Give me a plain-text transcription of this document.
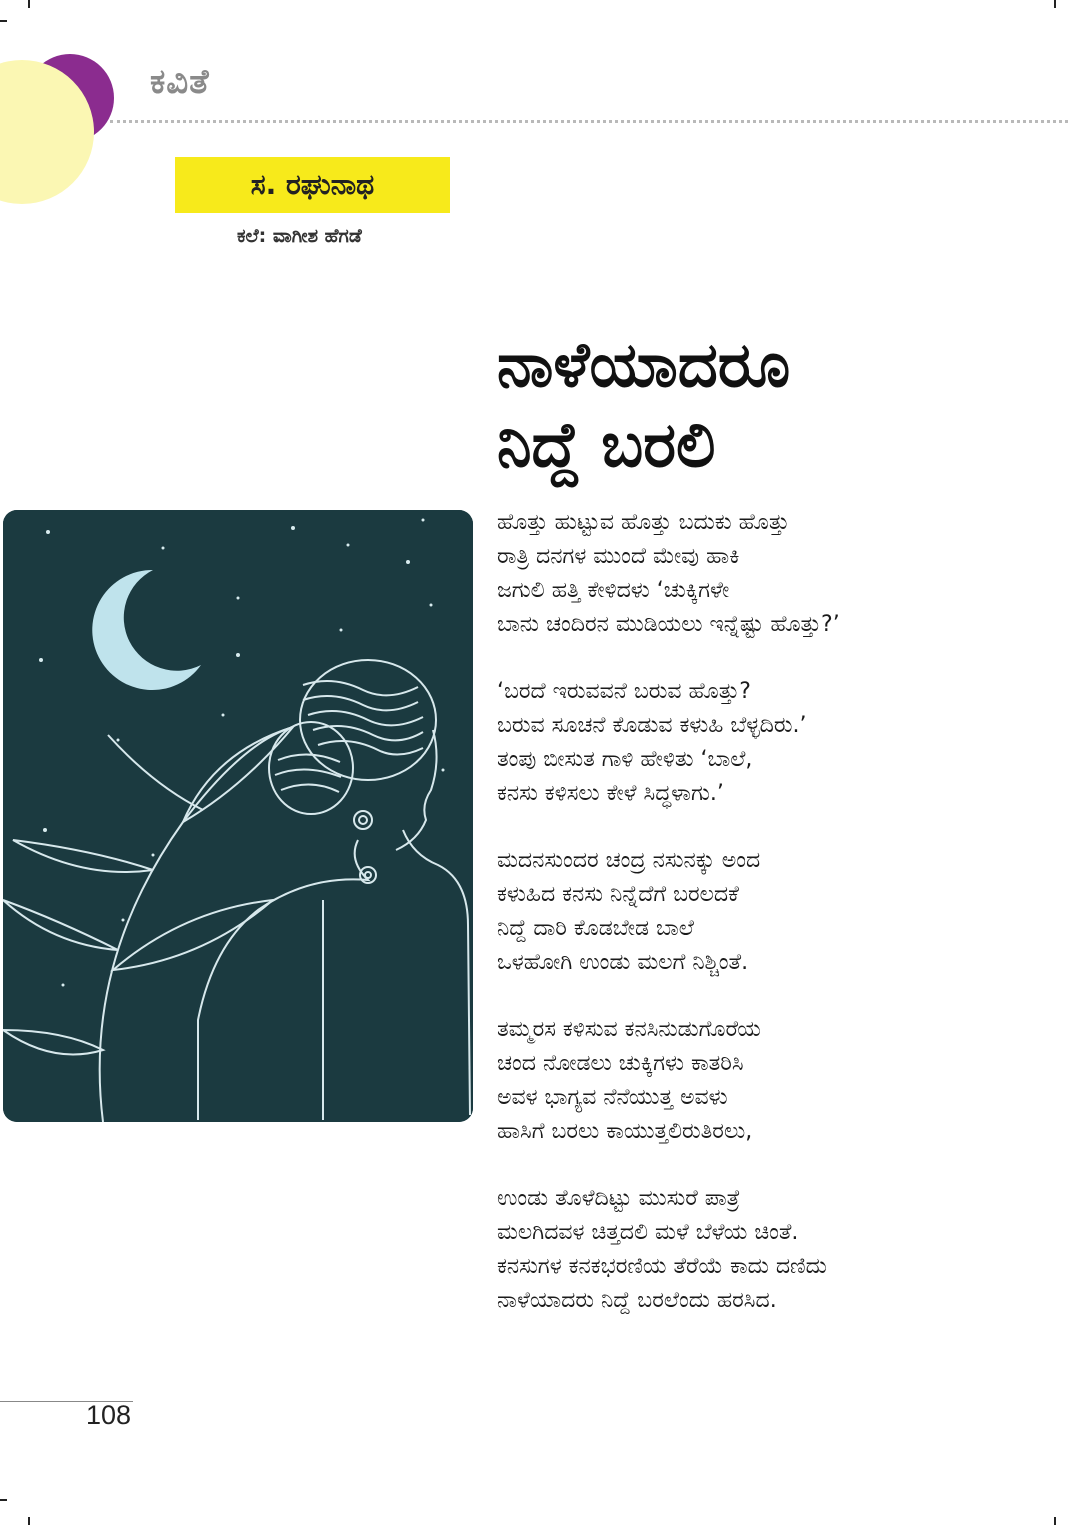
ಕವಿತೆ
ಸ. ರಘುನಾಥ
ಕಲೆ: ವಾಗೀಶ ಹೆಗಡೆ
ನಾಳೆಯಾದರೂ
ನಿದ್ದೆ ಬರಲಿ
ಹೊತ್ತು ಹುಟ್ಟುವ ಹೊತ್ತು ಬದುಕು ಹೊತ್ತು
ರಾತ್ರಿ ದನಗಳ ಮುಂದೆ ಮೇವು ಹಾಕಿ
ಜಗುಲಿ ಹತ್ತಿ ಕೇಳಿದಳು ‘ಚುಕ್ಕಿಗಳೇ
ಬಾನು ಚಂದಿರನ ಮುಡಿಯಲು ಇನ್ನೆಷ್ಟು ಹೊತ್ತು?’
‘ಬರದೆ ಇರುವವನೆ ಬರುವ ಹೊತ್ತು?
ಬರುವ ಸೂಚನೆ ಕೊಡುವ ಕಳುಹಿ ಬೆಳ್ಳದಿರು.’
ತಂಪು ಬೀಸುತ ಗಾಳಿ ಹೇಳಿತು ‘ಬಾಲೆ,
ಕನಸು ಕಳಿಸಲು ಕೇಳೆ ಸಿದ್ಧಳಾಗು.’
ಮದನಸುಂದರ ಚಂದ್ರ ನಸುನಕ್ಕು ಅಂದ
ಕಳುಹಿದ ಕನಸು ನಿನ್ನೆದೆಗೆ ಬರಲದಕೆ
ನಿದ್ದೆ ದಾರಿ ಕೊಡಬೇಡ ಬಾಲೆ
ಒಳಹೋಗಿ ಉಂಡು ಮಲಗೆ ನಿಶ್ಚಿಂತೆ.
ತಮ್ಮರಸ ಕಳಿಸುವ ಕನಸಿನುಡುಗೊರೆಯ
ಚಂದ ನೋಡಲು ಚುಕ್ಕಿಗಳು ಕಾತರಿಸಿ
ಅವಳ ಭಾಗ್ಯವ ನೆನೆಯುತ್ತ ಅವಳು
ಹಾಸಿಗೆ ಬರಲು ಕಾಯುತ್ತಲಿರುತಿರಲು,
ಉಂಡು ತೊಳೆದಿಟ್ಟು ಮುಸುರೆ ಪಾತ್ರೆ
ಮಲಗಿದವಳ ಚಿತ್ತದಲಿ ಮಳೆ ಬೆಳೆಯ ಚಿಂತೆ.
ಕನಸುಗಳ ಕನಕಭರಣಿಯ ತೆರೆಯೆ ಕಾದು ದಣಿದು
ನಾಳೆಯಾದರು ನಿದ್ದೆ ಬರಲೆಂದು ಹರಸಿದ.
108
